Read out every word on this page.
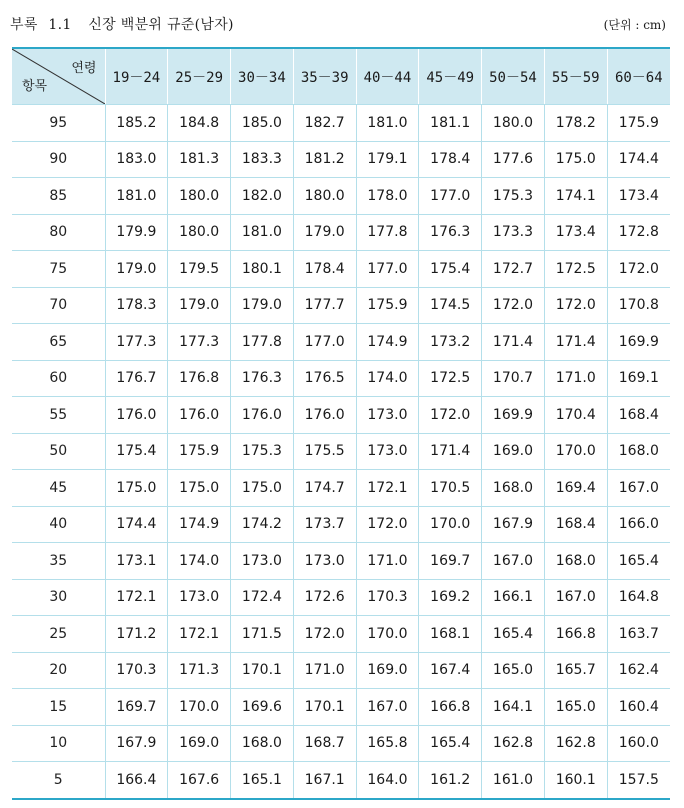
부록 1.1 신장 백분위 규준(남자)	(단위 : cm)
연령
항목	19－24	25－29	30－34	35－39	40－44	45－49	50－54	55－59	60－64
95	185.2	184.8	185.0	182.7	181.0	181.1	180.0	178.2	175.9
90	183.0	181.3	183.3	181.2	179.1	178.4	177.6	175.0	174.4
85	181.0	180.0	182.0	180.0	178.0	177.0	175.3	174.1	173.4
80	179.9	180.0	181.0	179.0	177.8	176.3	173.3	173.4	172.8
75	179.0	179.5	180.1	178.4	177.0	175.4	172.7	172.5	172.0
70	178.3	179.0	179.0	177.7	175.9	174.5	172.0	172.0	170.8
65	177.3	177.3	177.8	177.0	174.9	173.2	171.4	171.4	169.9
60	176.7	176.8	176.3	176.5	174.0	172.5	170.7	171.0	169.1
55	176.0	176.0	176.0	176.0	173.0	172.0	169.9	170.4	168.4
50	175.4	175.9	175.3	175.5	173.0	171.4	169.0	170.0	168.0
45	175.0	175.0	175.0	174.7	172.1	170.5	168.0	169.4	167.0
40	174.4	174.9	174.2	173.7	172.0	170.0	167.9	168.4	166.0
35	173.1	174.0	173.0	173.0	171.0	169.7	167.0	168.0	165.4
30	172.1	173.0	172.4	172.6	170.3	169.2	166.1	167.0	164.8
25	171.2	172.1	171.5	172.0	170.0	168.1	165.4	166.8	163.7
20	170.3	171.3	170.1	171.0	169.0	167.4	165.0	165.7	162.4
15	169.7	170.0	169.6	170.1	167.0	166.8	164.1	165.0	160.4
10	167.9	169.0	168.0	168.7	165.8	165.4	162.8	162.8	160.0
5	166.4	167.6	165.1	167.1	164.0	161.2	161.0	160.1	157.5
